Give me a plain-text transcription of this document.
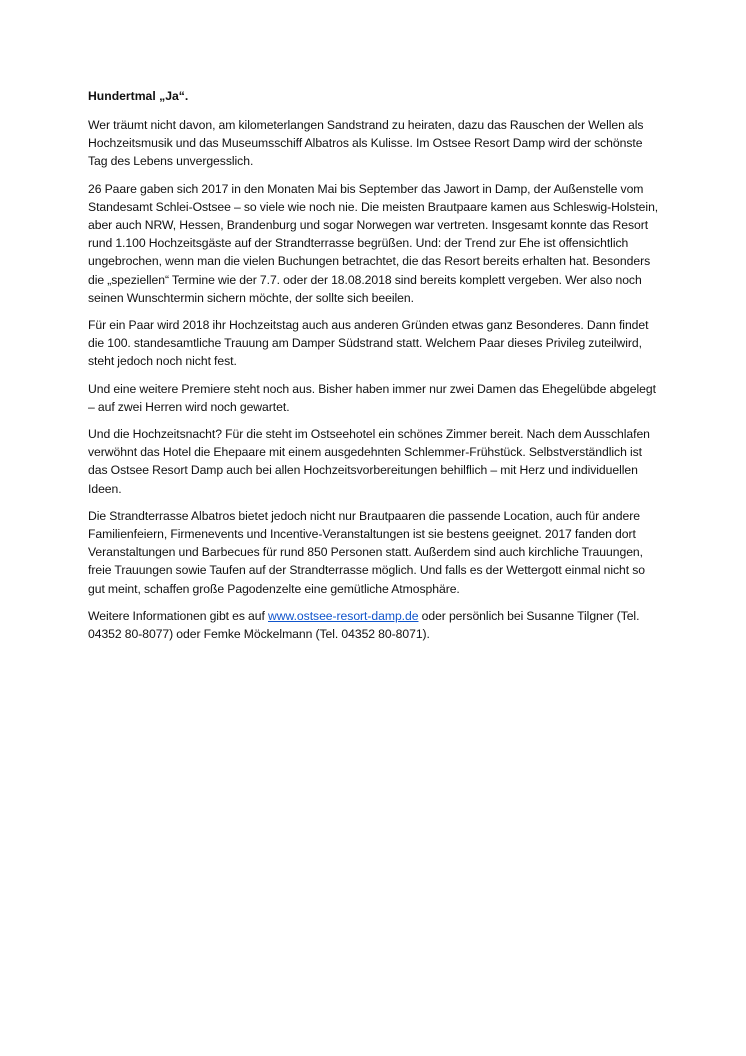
Hundertmal „Ja“.

Wer träumt nicht davon, am kilometerlangen Sandstrand zu heiraten, dazu das Rauschen der Wellen als Hochzeitsmusik und das Museumsschiff Albatros als Kulisse. Im Ostsee Resort Damp wird der schönste Tag des Lebens unvergesslich.

26 Paare gaben sich 2017 in den Monaten Mai bis September das Jawort in Damp, der Außenstelle vom Standesamt Schlei-Ostsee – so viele wie noch nie. Die meisten Brautpaare kamen aus Schleswig-Holstein, aber auch NRW, Hessen, Brandenburg und sogar Norwegen war vertreten. Insgesamt konnte das Resort rund 1.100 Hochzeitsgäste auf der Strandterrasse begrüßen. Und: der Trend zur Ehe ist offensichtlich ungebrochen, wenn man die vielen Buchungen betrachtet, die das Resort bereits erhalten hat. Besonders die „speziellen“ Termine wie der 7.7. oder der 18.08.2018 sind bereits komplett vergeben. Wer also noch seinen Wunschtermin sichern möchte, der sollte sich beeilen.

Für ein Paar wird 2018 ihr Hochzeitstag auch aus anderen Gründen etwas ganz Besonderes. Dann findet die 100. standesamtliche Trauung am Damper Südstrand statt. Welchem Paar dieses Privileg zuteilwird, steht jedoch noch nicht fest.

Und eine weitere Premiere steht noch aus. Bisher haben immer nur zwei Damen das Ehegelübde abgelegt – auf zwei Herren wird noch gewartet.

Und die Hochzeitsnacht? Für die steht im Ostseehotel ein schönes Zimmer bereit. Nach dem Ausschlafen verwöhnt das Hotel die Ehepaare mit einem ausgedehnten Schlemmer-Frühstück. Selbstverständlich ist das Ostsee Resort Damp auch bei allen Hochzeitsvorbereitungen behilflich – mit Herz und individuellen Ideen.

Die Strandterrasse Albatros bietet jedoch nicht nur Brautpaaren die passende Location, auch für andere Familienfeiern, Firmenevents und Incentive-Veranstaltungen ist sie bestens geeignet. 2017 fanden dort Veranstaltungen und Barbecues für rund 850 Personen statt. Außerdem sind auch kirchliche Trauungen, freie Trauungen sowie Taufen auf der Strandterrasse möglich. Und falls es der Wettergott einmal nicht so gut meint, schaffen große Pagodenzelte eine gemütliche Atmosphäre.

Weitere Informationen gibt es auf www.ostsee-resort-damp.de oder persönlich bei Susanne Tilgner (Tel. 04352 80-8077) oder Femke Möckelmann (Tel. 04352 80-8071).
